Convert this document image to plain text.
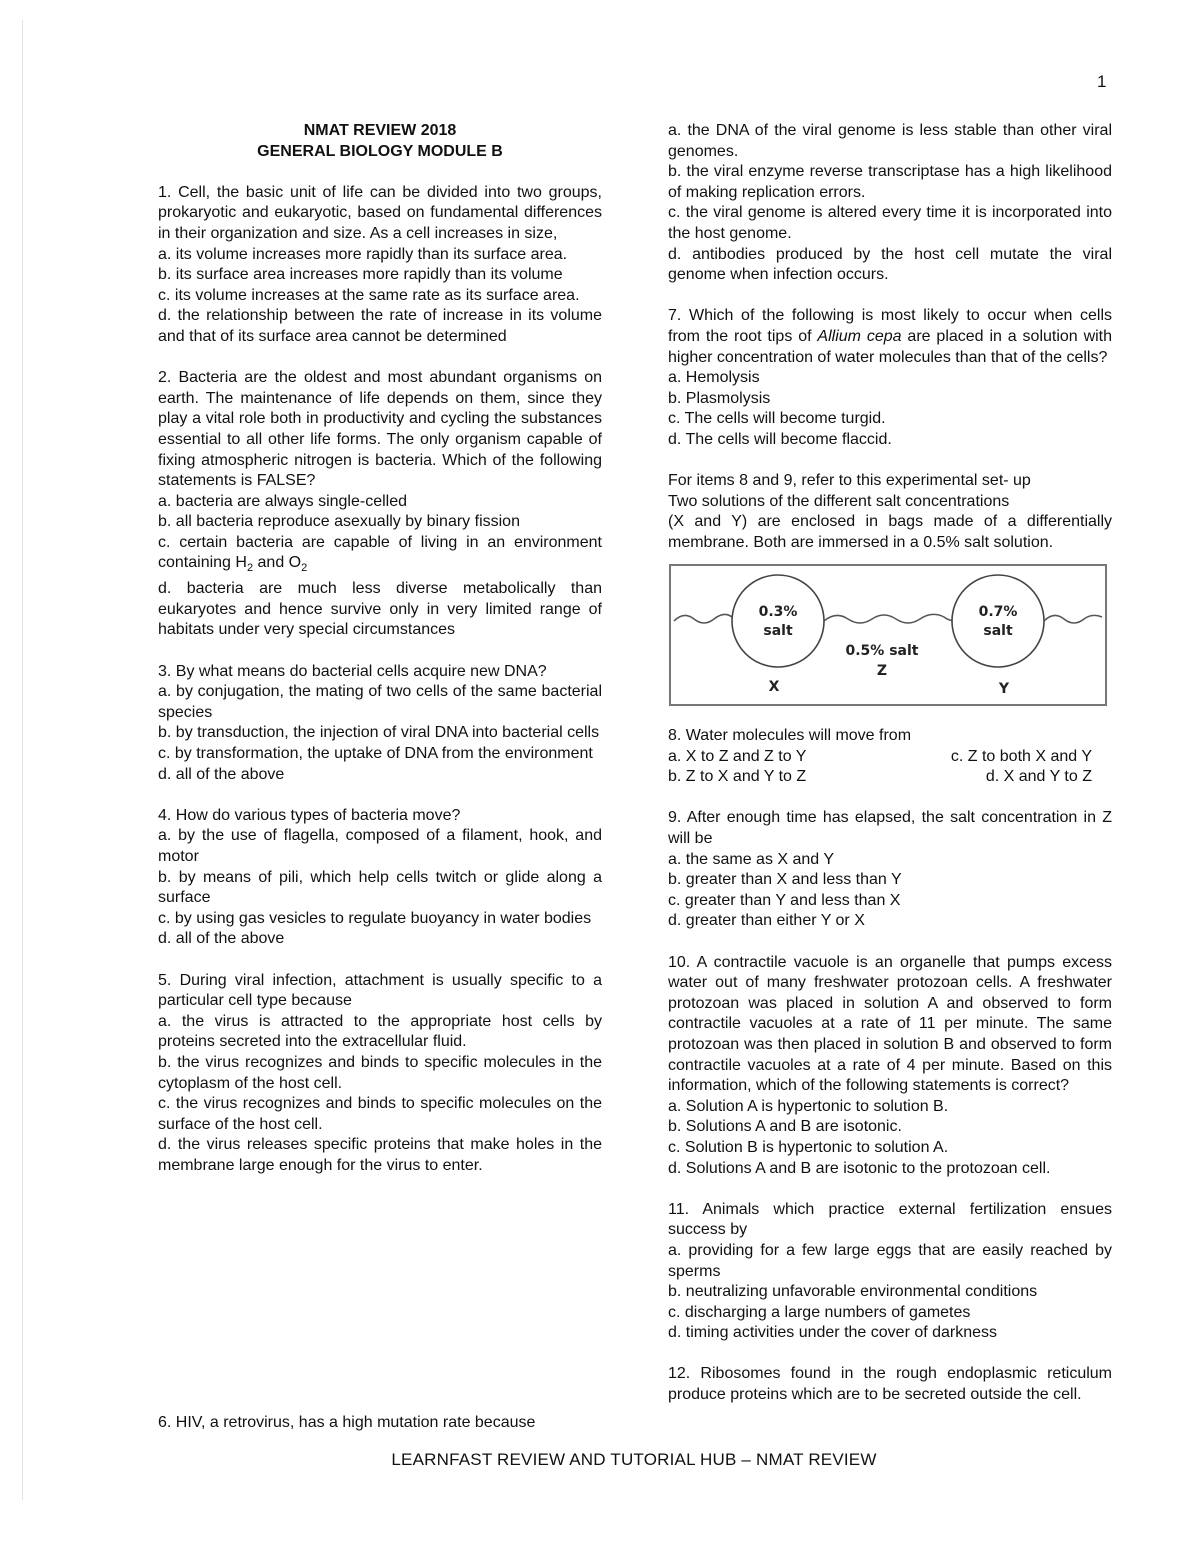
1
NMAT REVIEW 2018
GENERAL BIOLOGY MODULE B
1. Cell, the basic unit of life can be divided into two groups, prokaryotic and eukaryotic, based on fundamental differences in their organization and size. As a cell increases in size,
a. its volume increases more rapidly than its surface area.
b. its surface area increases more rapidly than its volume
c. its volume increases at the same rate as its surface area.
d. the relationship between the rate of increase in its volume and that of its surface area cannot be determined
2. Bacteria are the oldest and most abundant organisms on earth. The maintenance of life depends on them, since they play a vital role both in productivity and cycling the substances essential to all other life forms. The only organism capable of fixing atmospheric nitrogen is bacteria. Which of the following statements is FALSE?
a. bacteria are always single-celled
b. all bacteria reproduce asexually by binary fission
c. certain bacteria are capable of living in an environment containing $H_2$ and $O_2$
d. bacteria are much less diverse metabolically than eukaryotes and hence survive only in very limited range of habitats under very special circumstances
3. By what means do bacterial cells acquire new DNA?
a. by conjugation, the mating of two cells of the same bacterial species
b. by transduction, the injection of viral DNA into bacterial cells
c. by transformation, the uptake of DNA from the environment
d. all of the above
4. How do various types of bacteria move?
a. by the use of flagella, composed of a filament, hook, and motor
b. by means of pili, which help cells twitch or glide along a surface
c. by using gas vesicles to regulate buoyancy in water bodies
d. all of the above
5. During viral infection, attachment is usually specific to a particular cell type because
a. the virus is attracted to the appropriate host cells by proteins secreted into the extracellular fluid.
b. the virus recognizes and binds to specific molecules in the cytoplasm of the host cell.
c. the virus recognizes and binds to specific molecules on the surface of the host cell.
d. the virus releases specific proteins that make holes in the membrane large enough for the virus to enter.
6. HIV, a retrovirus, has a high mutation rate because
a. the DNA of the viral genome is less stable than other viral genomes.
b. the viral enzyme reverse transcriptase has a high likelihood of making replication errors.
c. the viral genome is altered every time it is incorporated into the host genome.
d. antibodies produced by the host cell mutate the viral genome when infection occurs.
7. Which of the following is most likely to occur when cells from the root tips of Allium cepa are placed in a solution with higher concentration of water molecules than that of the cells?
a. Hemolysis
b. Plasmolysis
c. The cells will become turgid.
d. The cells will become flaccid.
For items 8 and 9, refer to this experimental set- up
Two solutions of the different salt concentrations
(X and Y) are enclosed in bags made of a differentially membrane. Both are immersed in a 0.5% salt solution.
0.3%
salt
0.7%
salt
0.5% salt
Z
X	Y
8. Water molecules will move from
a. X to Z and Z to Y	c. Z to both X and Y
b. Z to X and Y to Z	d. X and Y to Z
9. After enough time has elapsed, the salt concentration in Z will be
a. the same as X and Y
b. greater than X and less than Y
c. greater than Y and less than X
d. greater than either Y or X
10. A contractile vacuole is an organelle that pumps excess water out of many freshwater protozoan cells. A freshwater protozoan was placed in solution A and observed to form contractile vacuoles at a rate of 11 per minute. The same protozoan was then placed in solution B and observed to form contractile vacuoles at a rate of 4 per minute. Based on this information, which of the following statements is correct?
a. Solution A is hypertonic to solution B.
b. Solutions A and B are isotonic.
c. Solution B is hypertonic to solution A.
d. Solutions A and B are isotonic to the protozoan cell.
11. Animals which practice external fertilization ensues success by
a. providing for a few large eggs that are easily reached by sperms
b. neutralizing unfavorable environmental conditions
c. discharging a large numbers of gametes
d. timing activities under the cover of darkness
12. Ribosomes found in the rough endoplasmic reticulum produce proteins which are to be secreted outside the cell.
LEARNFAST REVIEW AND TUTORIAL HUB – NMAT REVIEW
